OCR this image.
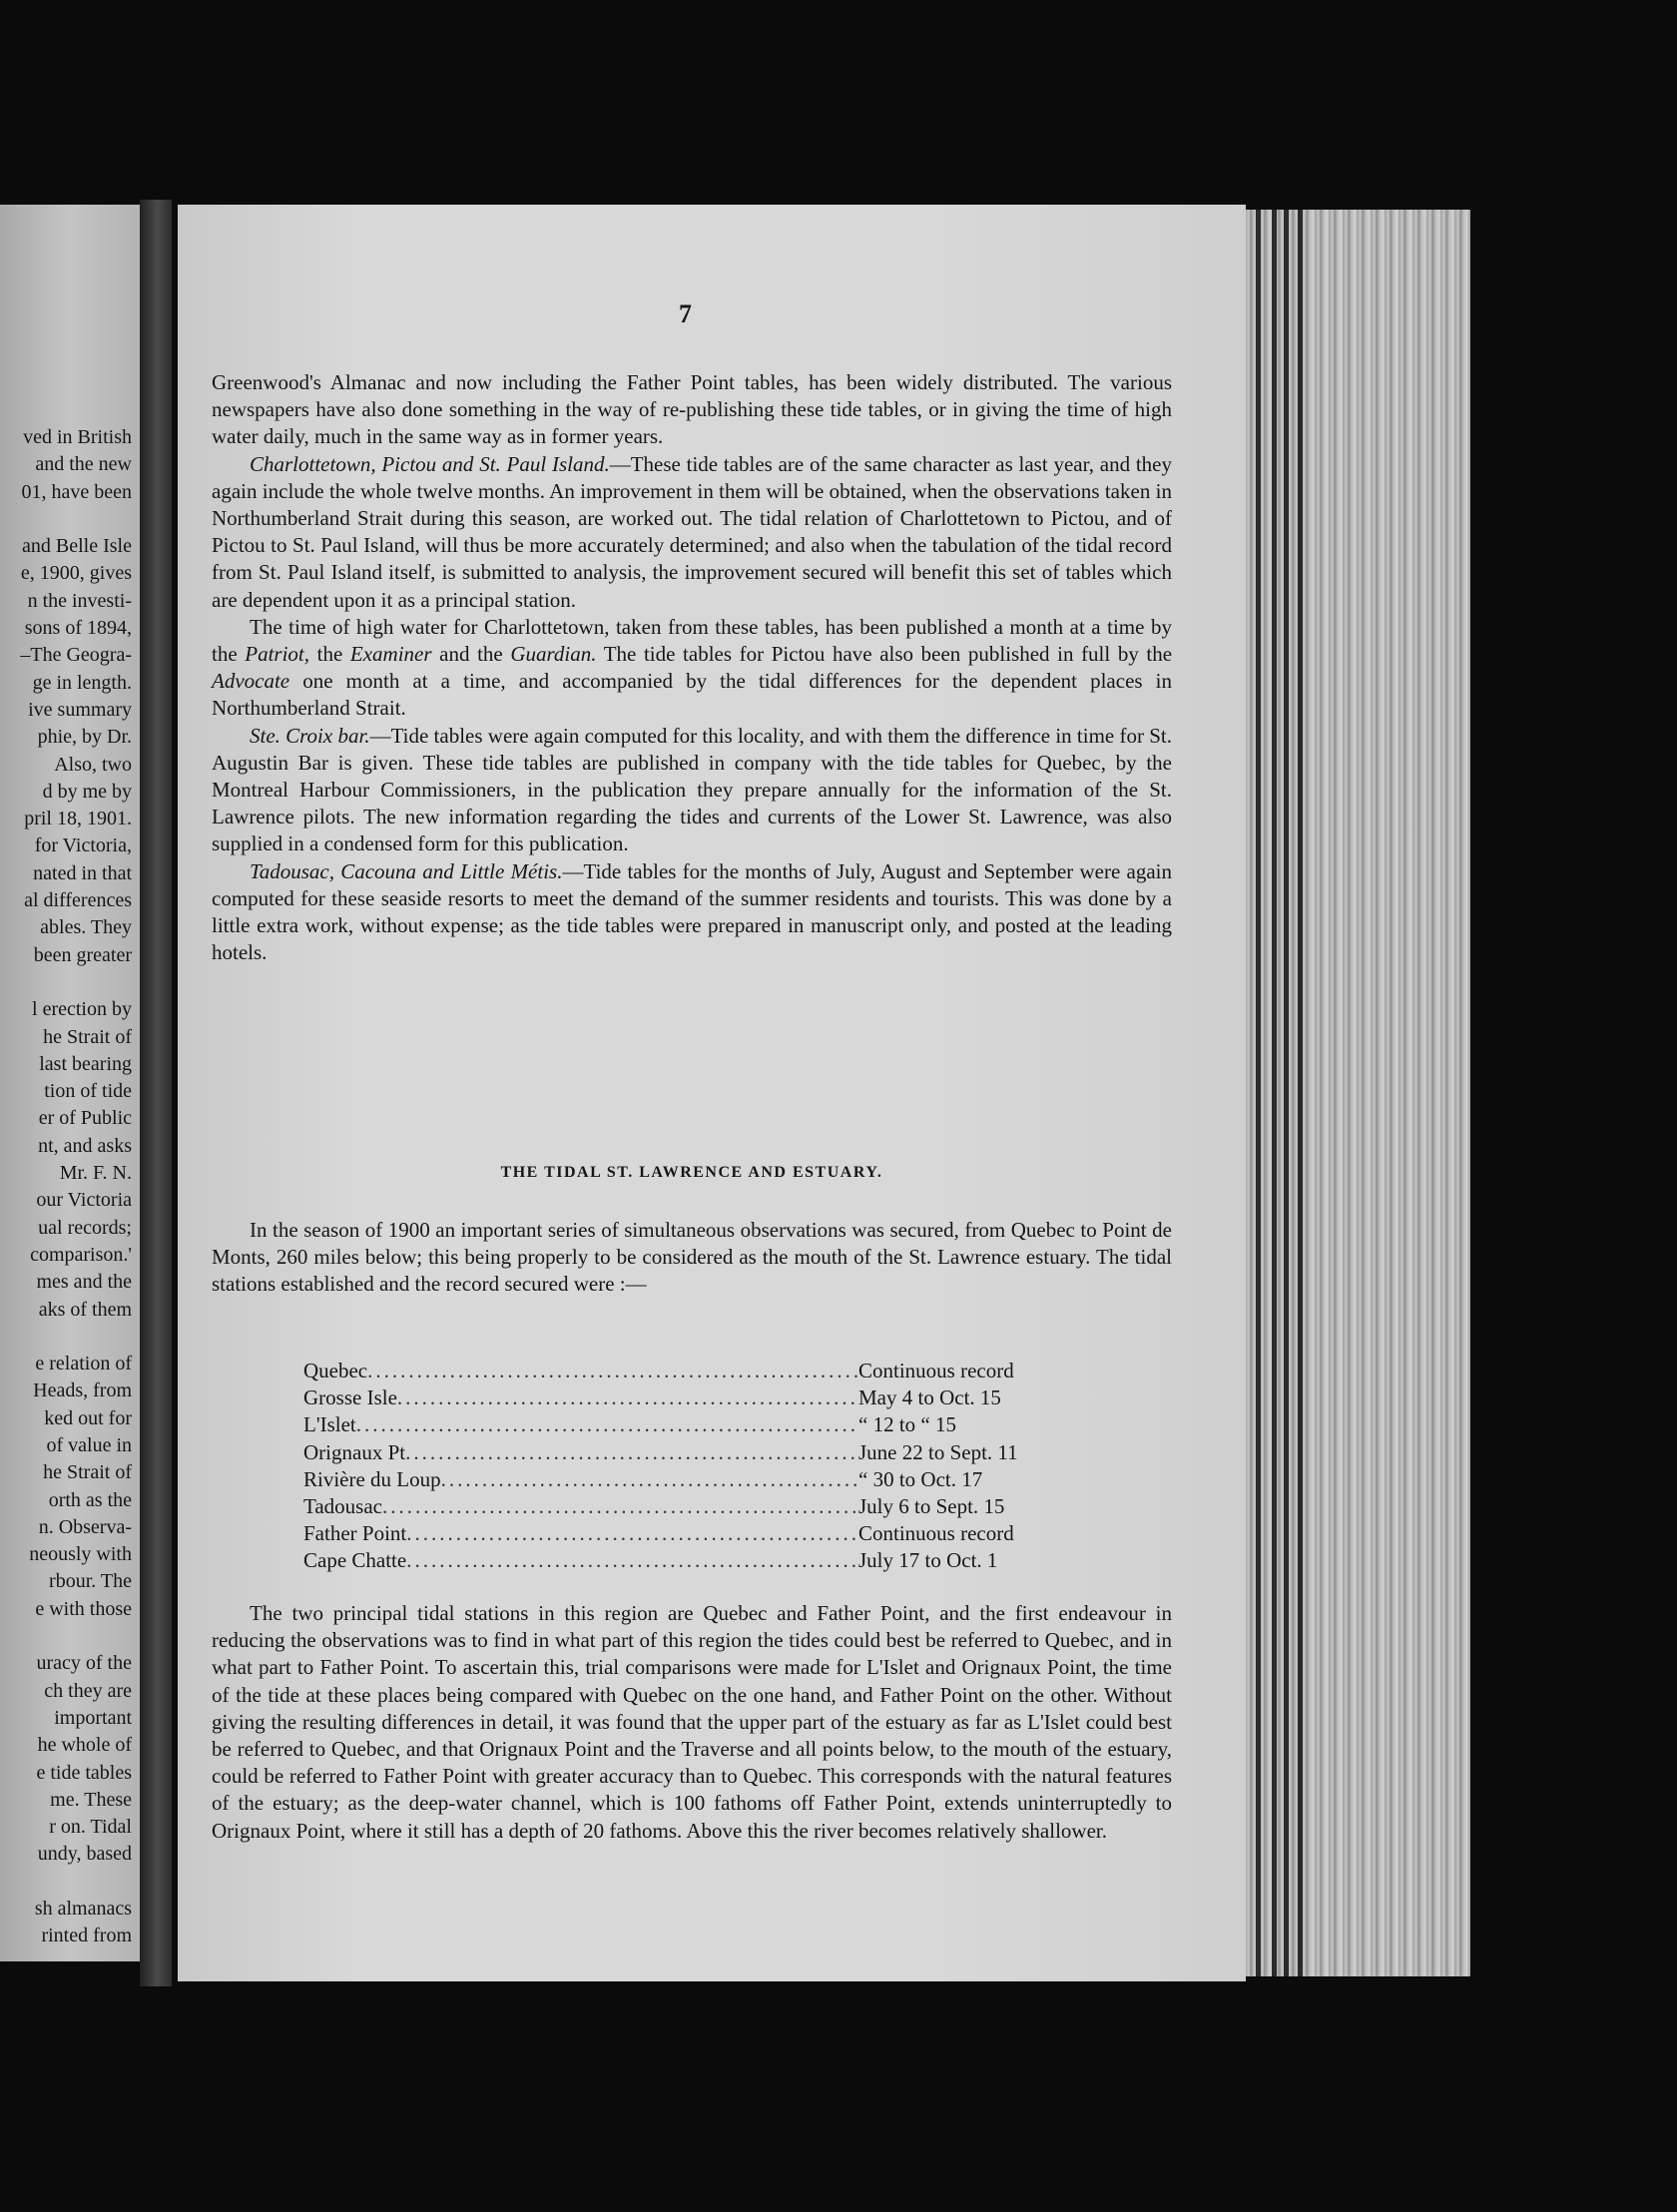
ved in British
and the new
01, have been
and Belle Isle
e, 1900, gives
n the investi-
sons of 1894,
–The Geogra-
ge in length.
ive summary
phie, by Dr.
Also, two
d by me by
pril 18, 1901.
for Victoria,
nated in that
al differences
ables. They
been greater
l erection by
he Strait of
last bearing
tion of tide
er of Public
nt, and asks
Mr. F. N.
our Victoria
ual records;
comparison.'
mes and the
aks of them
e relation of
Heads, from
ked out for
of value in
he Strait of
orth as the
n. Observa-
neously with
rbour. The
e with those
uracy of the
ch they are
important
he whole of
e tide tables
me. These
r on. Tidal
undy, based
sh almanacs
rinted from
7

Greenwood's Almanac and now including the Father Point tables, has been widely distributed. The various newspapers have also done something in the way of re-publishing these tide tables, or in giving the time of high water daily, much in the same way as in former years.

Charlottetown, Pictou and St. Paul Island.—These tide tables are of the same character as last year, and they again include the whole twelve months. An improvement in them will be obtained, when the observations taken in Northumberland Strait during this season, are worked out. The tidal relation of Charlottetown to Pictou, and of Pictou to St. Paul Island, will thus be more accurately determined; and also when the tabulation of the tidal record from St. Paul Island itself, is submitted to analysis, the improvement secured will benefit this set of tables which are dependent upon it as a principal station.

The time of high water for Charlottetown, taken from these tables, has been published a month at a time by the Patriot, the Examiner and the Guardian. The tide tables for Pictou have also been published in full by the Advocate one month at a time, and accompanied by the tidal differences for the dependent places in Northumberland Strait.

Ste. Croix bar.—Tide tables were again computed for this locality, and with them the difference in time for St. Augustin Bar is given. These tide tables are published in company with the tide tables for Quebec, by the Montreal Harbour Commissioners, in the publication they prepare annually for the information of the St. Lawrence pilots. The new information regarding the tides and currents of the Lower St. Lawrence, was also supplied in a condensed form for this publication.

Tadousac, Cacouna and Little Métis.—Tide tables for the months of July, August and September were again computed for these seaside resorts to meet the demand of the summer residents and tourists. This was done by a little extra work, without expense; as the tide tables were prepared in manuscript only, and posted at the leading hotels.

THE TIDAL ST. LAWRENCE AND ESTUARY.

In the season of 1900 an important series of simultaneous observations was secured, from Quebec to Point de Monts, 260 miles below; this being properly to be considered as the mouth of the St. Lawrence estuary. The tidal stations established and the record secured were :—

Quebec .....	Continuous record
Grosse Isle .....	May 4 to Oct. 15
L'Islet .....	“ 12 to “ 15
Orignaux Pt .....	June 22 to Sept. 11
Rivière du Loup .....	“ 30 to Oct. 17
Tadousac .....	July 6 to Sept. 15
Father Point .....	Continuous record
Cape Chatte .....	July 17 to Oct. 1

The two principal tidal stations in this region are Quebec and Father Point, and the first endeavour in reducing the observations was to find in what part of this region the tides could best be referred to Quebec, and in what part to Father Point. To ascertain this, trial comparisons were made for L'Islet and Orignaux Point, the time of the tide at these places being compared with Quebec on the one hand, and Father Point on the other. Without giving the resulting differences in detail, it was found that the upper part of the estuary as far as L'Islet could best be referred to Quebec, and that Orignaux Point and the Traverse and all points below, to the mouth of the estuary, could be referred to Father Point with greater accuracy than to Quebec. This corresponds with the natural features of the estuary; as the deep-water channel, which is 100 fathoms off Father Point, extends uninterruptedly to Orignaux Point, where it still has a depth of 20 fathoms. Above this the river becomes relatively shallower.
